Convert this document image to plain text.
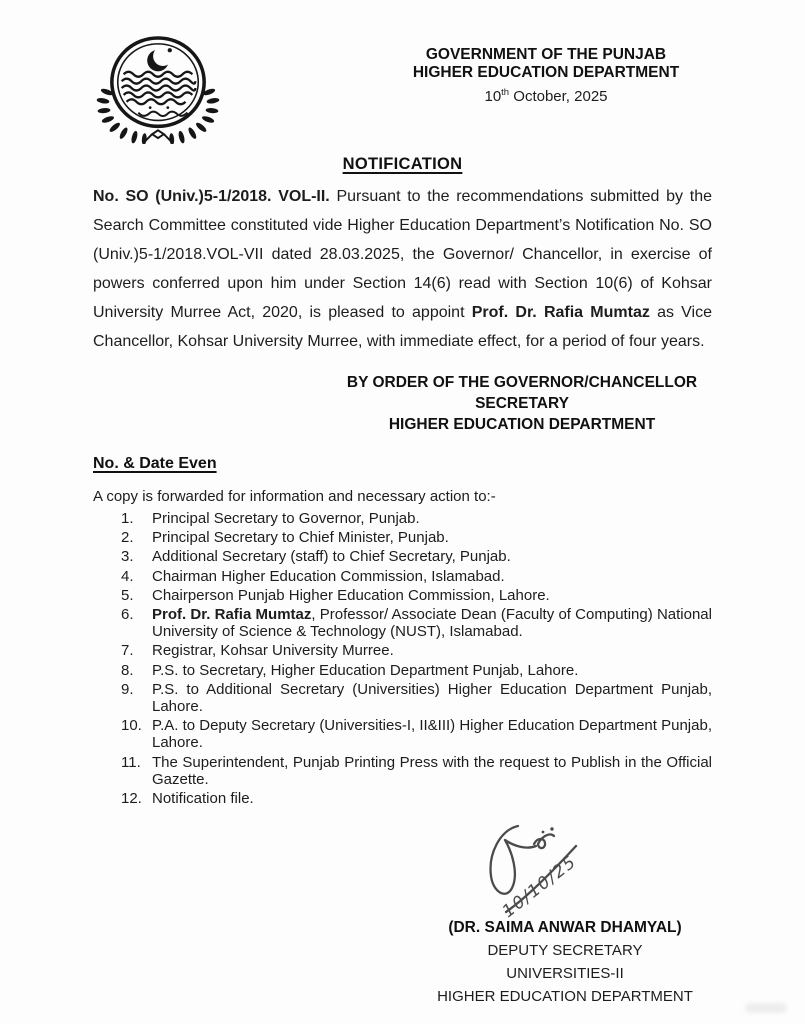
GOVERNMENT OF THE PUNJAB
HIGHER EDUCATION DEPARTMENT
10th October, 2025
NOTIFICATION

No. SO (Univ.)5-1/2018. VOL-II. Pursuant to the recommendations submitted by the Search Committee constituted vide Higher Education Department’s Notification No. SO (Univ.)5-1/2018.VOL-VII dated 28.03.2025, the Governor/ Chancellor, in exercise of powers conferred upon him under Section 14(6) read with Section 10(6) of Kohsar University Murree Act, 2020, is pleased to appoint Prof. Dr. Rafia Mumtaz as Vice Chancellor, Kohsar University Murree, with immediate effect, for a period of four years.

BY ORDER OF THE GOVERNOR/CHANCELLOR
SECRETARY
HIGHER EDUCATION DEPARTMENT
No. & Date Even
A copy is forwarded for information and necessary action to:-
1. Principal Secretary to Governor, Punjab.
2. Principal Secretary to Chief Minister, Punjab.
3. Additional Secretary (staff) to Chief Secretary, Punjab.
4. Chairman Higher Education Commission, Islamabad.
5. Chairperson Punjab Higher Education Commission, Lahore.
6. Prof. Dr. Rafia Mumtaz, Professor/ Associate Dean (Faculty of Computing) National University of Science & Technology (NUST), Islamabad.
7. Registrar, Kohsar University Murree.
8. P.S. to Secretary, Higher Education Department Punjab, Lahore.
9. P.S. to Additional Secretary (Universities) Higher Education Department Punjab, Lahore.
10. P.A. to Deputy Secretary (Universities-I, II&III) Higher Education Department Punjab, Lahore.
11. The Superintendent, Punjab Printing Press with the request to Publish in the Official Gazette.
12. Notification file.
10/10/25
(DR. SAIMA ANWAR DHAMYAL)
DEPUTY SECRETARY
UNIVERSITIES-II
HIGHER EDUCATION DEPARTMENT
